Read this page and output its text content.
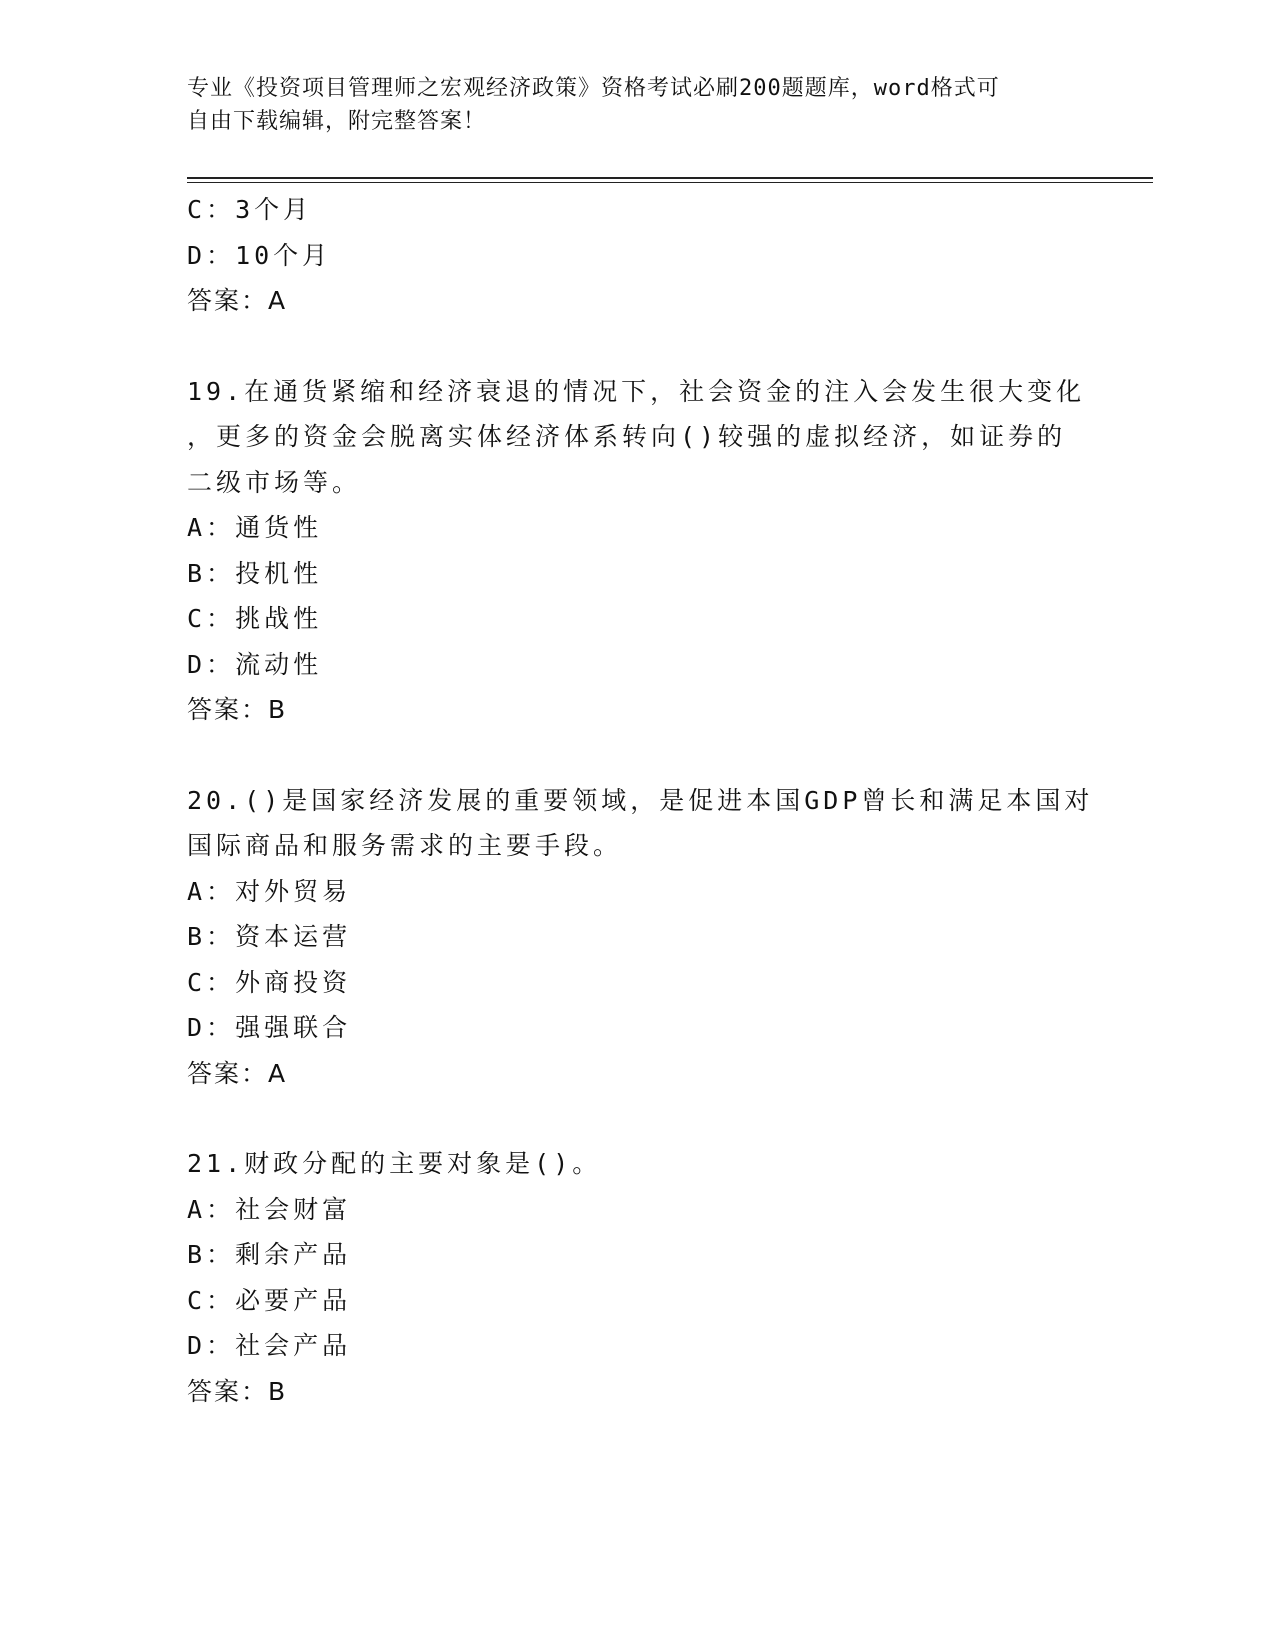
专业《投资项目管理师之宏观经济政策》资格考试必刷200题题库，word格式可
自由下载编辑，附完整答案！
C：3个月
D：10个月
答案：A
19.在通货紧缩和经济衰退的情况下，社会资金的注入会发生很大变化
，更多的资金会脱离实体经济体系转向()较强的虚拟经济，如证券的
二级市场等。
A：通货性
B：投机性
C：挑战性
D：流动性
答案：B
20.()是国家经济发展的重要领域，是促进本国GDP曾长和满足本国对
国际商品和服务需求的主要手段。
A：对外贸易
B：资本运营
C：外商投资
D：强强联合
答案：A
21.财政分配的主要对象是()。
A：社会财富
B：剩余产品
C：必要产品
D：社会产品
答案：B
